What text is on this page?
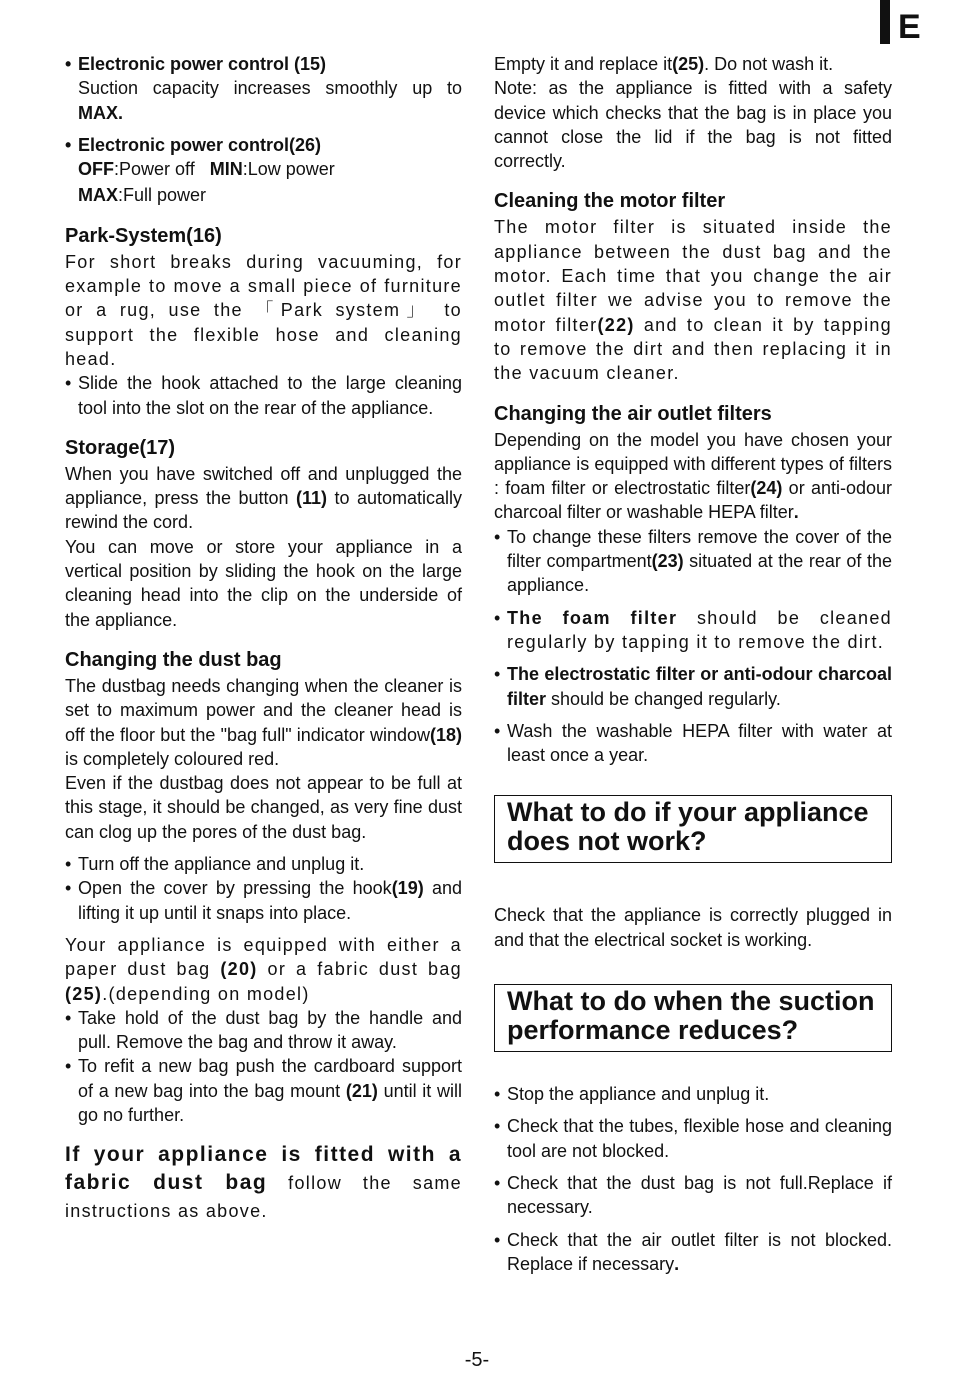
E
• Electronic power control (15)

Suction capacity increases smoothly up to MAX.

• Electronic power control(26)

OFF:Power off MIN:Low power

MAX:Full power

Park-System(16)

For short breaks during vacuuming, for example to move a small piece of furniture or a rug, use the 「Park system」 to support the flexible hose and cleaning head.

• Slide the hook attached to the large cleaning tool into the slot on the rear of the appliance.
Storage(17)

When you have switched off and unplugged the appliance, press the button (11) to automatically rewind the cord.

You can move or store your appliance in a vertical position by sliding the hook on the large cleaning head into the clip on the underside of the appliance.

Changing the dust bag

The dustbag needs changing when the cleaner is set to maximum power and the cleaner head is off the floor but the "bag full" indicator window(18) is completely coloured red.

Even if the dustbag does not appear to be full at this stage, it should be changed, as very fine dust can clog up the pores of the dust bag.

• Turn off the appliance and unplug it.
• Open the cover by pressing the hook(19) and lifting it up until it snaps into place.

Your appliance is equipped with either a paper dust bag (20) or a fabric dust bag (25).(depending on model)

• Take hold of the dust bag by the handle and pull. Remove the bag and throw it away.
• To refit a new bag push the cardboard support of a new bag into the bag mount (21) until it will go no further.

If your appliance is fitted with a fabric dust bag follow the same instructions as above.

Empty it and replace it(25). Do not wash it.

Note: as the appliance is fitted with a safety device which checks that the bag is in place you cannot close the lid if the bag is not fitted correctly.

Cleaning the motor filter

The motor filter is situated inside the appliance between the dust bag and the motor. Each time that you change the air outlet filter we advise you to remove the motor filter(22) and to clean it by tapping to remove the dirt and then replacing it in the vacuum cleaner.

Changing the air outlet filters

Depending on the model you have chosen your appliance is equipped with different types of filters : foam filter or electrostatic filter(24) or anti-odour charcoal filter or washable HEPA filter.

• To change these filters remove the cover of the filter compartment(23) situated at the rear of the appliance.
• The foam filter should be cleaned regularly by tapping it to remove the dirt.
• The electrostatic filter or anti-odour charcoal filter should be changed regularly.
• Wash the washable HEPA filter with water at least once a year.
What to do if your appliance does not work?

Check that the appliance is correctly plugged in and that the electrical socket is working.

What to do when the suction performance reduces?
• Stop the appliance and unplug it.
• Check that the tubes, flexible hose and cleaning tool are not blocked.
• Check that the dust bag is not full.Replace if necessary.
• Check that the air outlet filter is not blocked. Replace if necessary.
-5-
